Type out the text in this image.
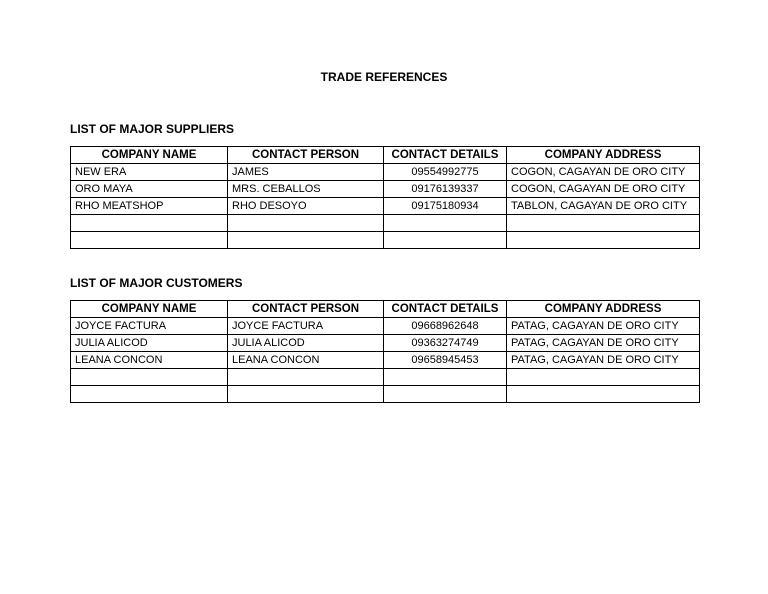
TRADE REFERENCES
LIST OF MAJOR SUPPLIERS
COMPANY NAME	CONTACT PERSON	CONTACT DETAILS	COMPANY ADDRESS
NEW ERA	JAMES	09554992775	COGON, CAGAYAN DE ORO CITY
ORO MAYA	MRS. CEBALLOS	09176139337	COGON, CAGAYAN DE ORO CITY
RHO MEATSHOP	RHO DESOYO	09175180934	TABLON, CAGAYAN DE ORO CITY

LIST OF MAJOR CUSTOMERS
COMPANY NAME	CONTACT PERSON	CONTACT DETAILS	COMPANY ADDRESS
JOYCE FACTURA	JOYCE FACTURA	09668962648	PATAG, CAGAYAN DE ORO CITY
JULIA ALICOD	JULIA ALICOD	09363274749	PATAG, CAGAYAN DE ORO CITY
LEANA CONCON	LEANA CONCON	09658945453	PATAG, CAGAYAN DE ORO CITY
